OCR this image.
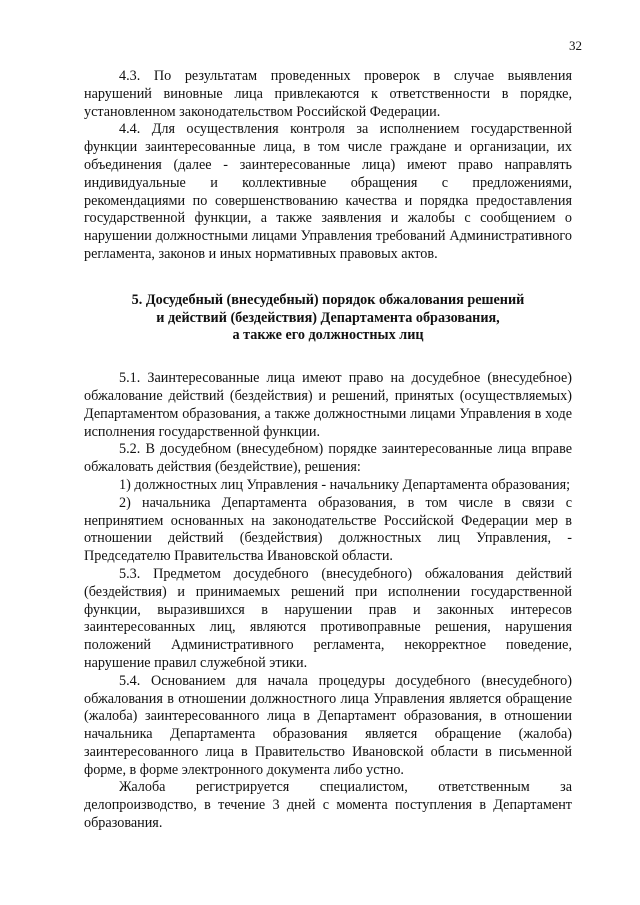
32

4.3. По результатам проведенных проверок в случае выявления нарушений виновные лица привлекаются к ответственности в порядке, установленном законодательством Российской Федерации.

4.4. Для осуществления контроля за исполнением государственной функции заинтересованные лица, в том числе граждане и организации, их объединения (далее - заинтересованные лица) имеют право направлять индивидуальные и коллективные обращения с предложениями, рекомендациями по совершенствованию качества и порядка предоставления государственной функции, а также заявления и жалобы с сообщением о нарушении должностными лицами Управления требований Административного регламента, законов и иных нормативных правовых актов.

5. Досудебный (внесудебный) порядок обжалования решений
и действий (бездействия) Департамента образования,
а также его должностных лиц

5.1. Заинтересованные лица имеют право на досудебное (внесудебное) обжалование действий (бездействия) и решений, принятых (осуществляемых) Департаментом образования, а также должностными лицами Управления в ходе исполнения государственной функции.

5.2. В досудебном (внесудебном) порядке заинтересованные лица вправе обжаловать действия (бездействие), решения:

1) должностных лиц Управления - начальнику Департамента образования;

2) начальника Департамента образования, в том числе в связи с непринятием основанных на законодательстве Российской Федерации мер в отношении действий (бездействия) должностных лиц Управления, - Председателю Правительства Ивановской области.

5.3. Предметом досудебного (внесудебного) обжалования действий (бездействия) и принимаемых решений при исполнении государственной функции, выразившихся в нарушении прав и законных интересов заинтересованных лиц, являются противоправные решения, нарушения положений Административного регламента, некорректное поведение, нарушение правил служебной этики.

5.4. Основанием для начала процедуры досудебного (внесудебного) обжалования в отношении должностного лица Управления является обращение (жалоба) заинтересованного лица в Департамент образования, в отношении начальника Департамента образования является обращение (жалоба) заинтересованного лица в Правительство Ивановской области в письменной форме, в форме электронного документа либо устно.

Жалоба регистрируется специалистом, ответственным за делопроизводство, в течение 3 дней с момента поступления в Департамент образования.
